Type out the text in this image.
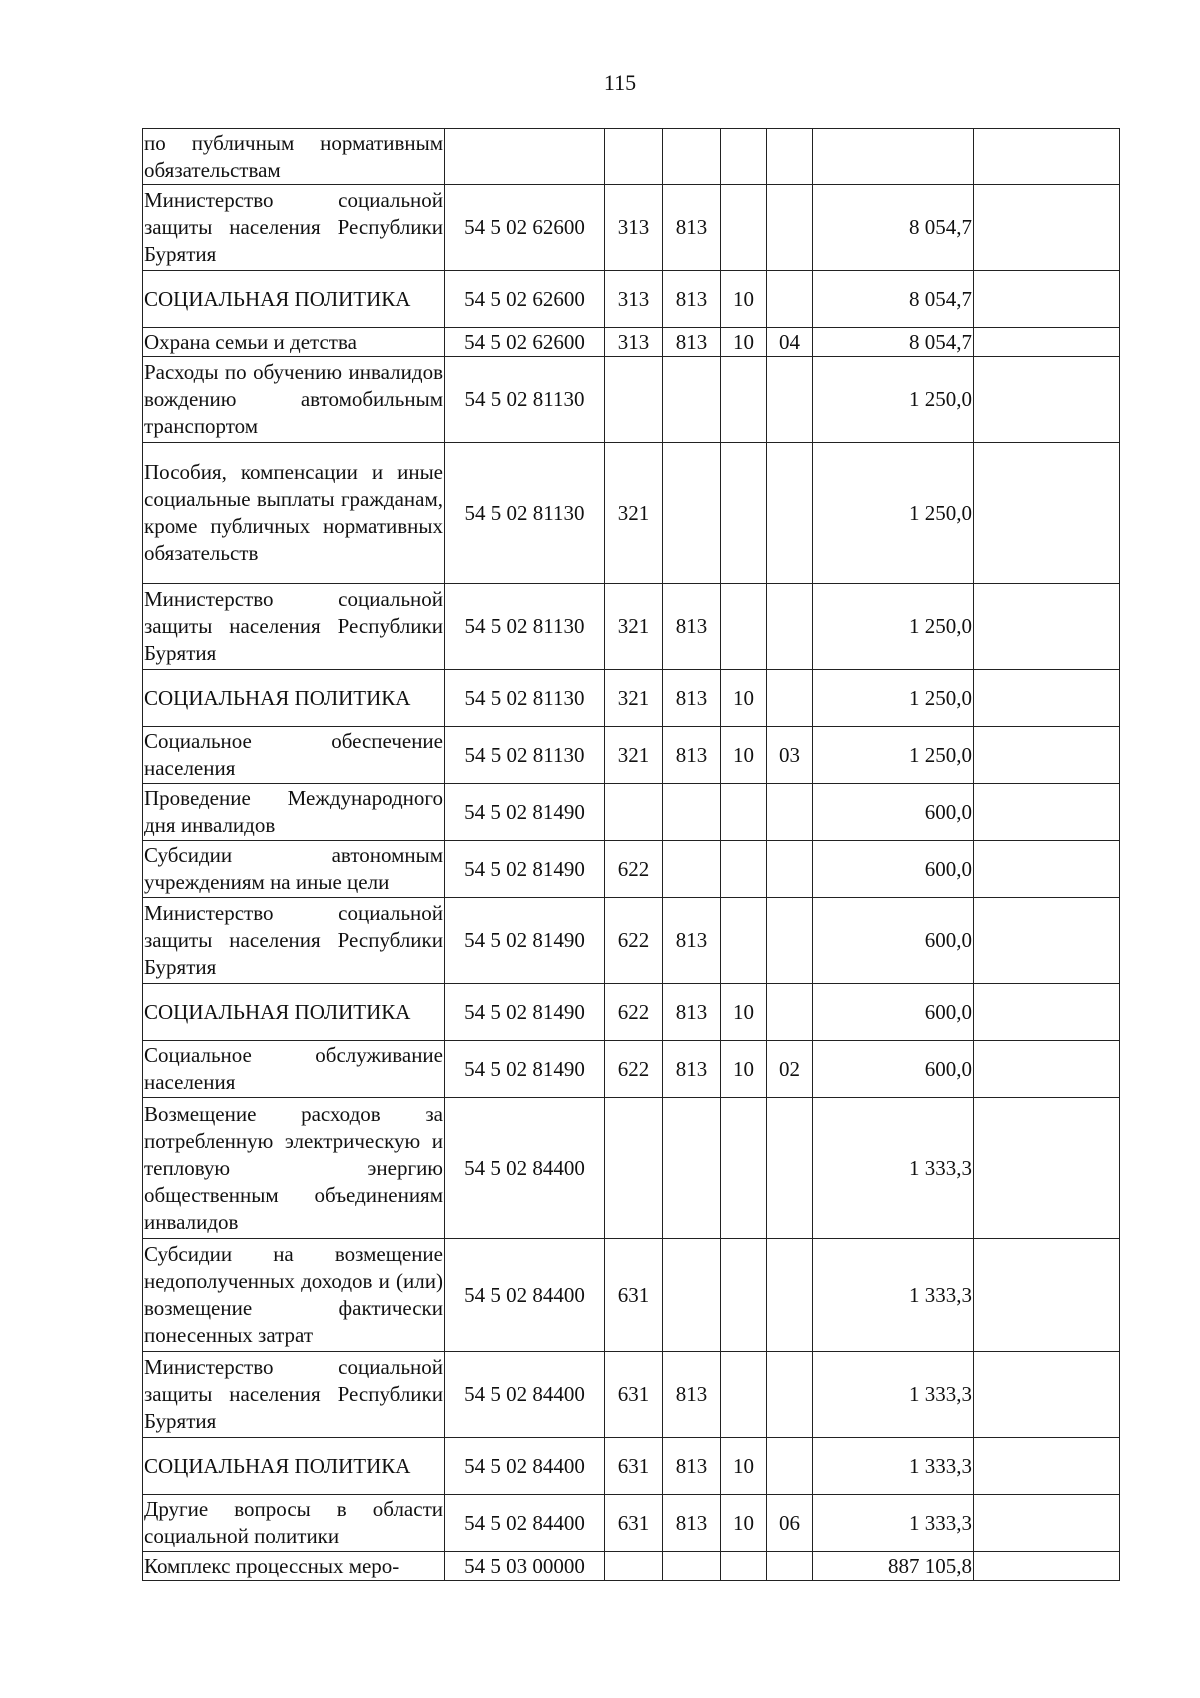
115
по публичным нормативным обязательствам							
Министерство социальной защиты населения Республики Бурятия	54 5 02 62600	313	813			8 054,7	
СОЦИАЛЬНАЯ ПОЛИТИКА	54 5 02 62600	313	813	10		8 054,7	
Охрана семьи и детства	54 5 02 62600	313	813	10	04	8 054,7	
Расходы по обучению инвалидов вождению автомобильным транспортом	54 5 02 81130					1 250,0	
Пособия, компенсации и иные социальные выплаты гражданам, кроме публичных нормативных обязательств	54 5 02 81130	321				1 250,0	
Министерство социальной защиты населения Республики Бурятия	54 5 02 81130	321	813			1 250,0	
СОЦИАЛЬНАЯ ПОЛИТИКА	54 5 02 81130	321	813	10		1 250,0	
Социальное обеспечение населения	54 5 02 81130	321	813	10	03	1 250,0	
Проведение Международного дня инвалидов	54 5 02 81490					600,0	
Субсидии автономным учреждениям на иные цели	54 5 02 81490	622				600,0	
Министерство социальной защиты населения Республики Бурятия	54 5 02 81490	622	813			600,0	
СОЦИАЛЬНАЯ ПОЛИТИКА	54 5 02 81490	622	813	10		600,0	
Социальное обслуживание населения	54 5 02 81490	622	813	10	02	600,0	
Возмещение расходов за потребленную электрическую и тепловую энергию общественным объединениям инвалидов	54 5 02 84400					1 333,3	
Субсидии на возмещение недополученных доходов и (или) возмещение фактически понесенных затрат	54 5 02 84400	631				1 333,3	
Министерство социальной защиты населения Республики Бурятия	54 5 02 84400	631	813			1 333,3	
СОЦИАЛЬНАЯ ПОЛИТИКА	54 5 02 84400	631	813	10		1 333,3	
Другие вопросы в области социальной политики	54 5 02 84400	631	813	10	06	1 333,3	
Комплекс процессных меро-	54 5 03 00000					887 105,8	
